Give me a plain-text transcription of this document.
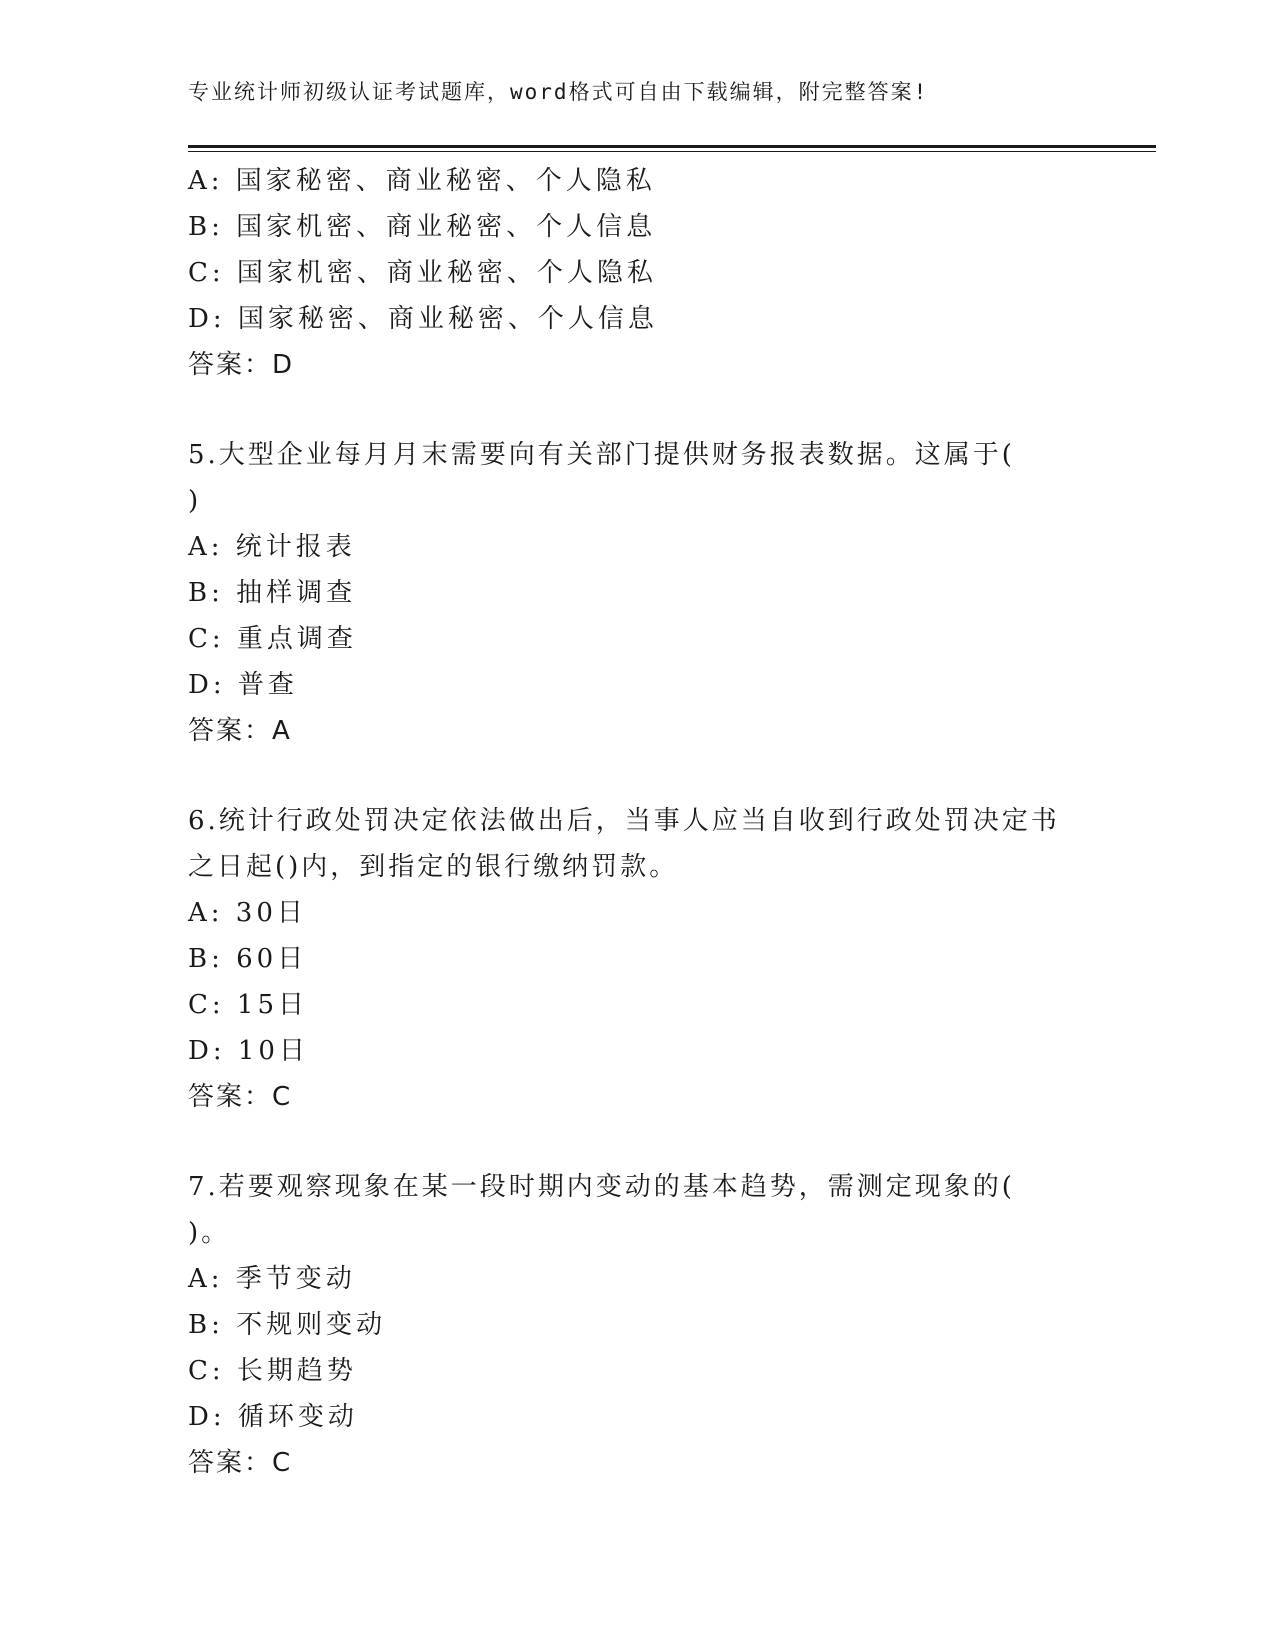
专业统计师初级认证考试题库，word格式可自由下载编辑，附完整答案!
A: 国家秘密、商业秘密、个人隐私
B: 国家机密、商业秘密、个人信息
C: 国家机密、商业秘密、个人隐私
D: 国家秘密、商业秘密、个人信息
答案：D
5.大型企业每月月末需要向有关部门提供财务报表数据。这属于(
)
A: 统计报表
B: 抽样调查
C: 重点调查
D: 普查
答案：A
6.统计行政处罚决定依法做出后，当事人应当自收到行政处罚决定书
之日起()内，到指定的银行缴纳罚款。
A: 30日
B: 60日
C: 15日
D: 10日
答案：C
7.若要观察现象在某一段时期内变动的基本趋势，需测定现象的(
)。
A: 季节变动
B: 不规则变动
C: 长期趋势
D: 循环变动
答案：C
